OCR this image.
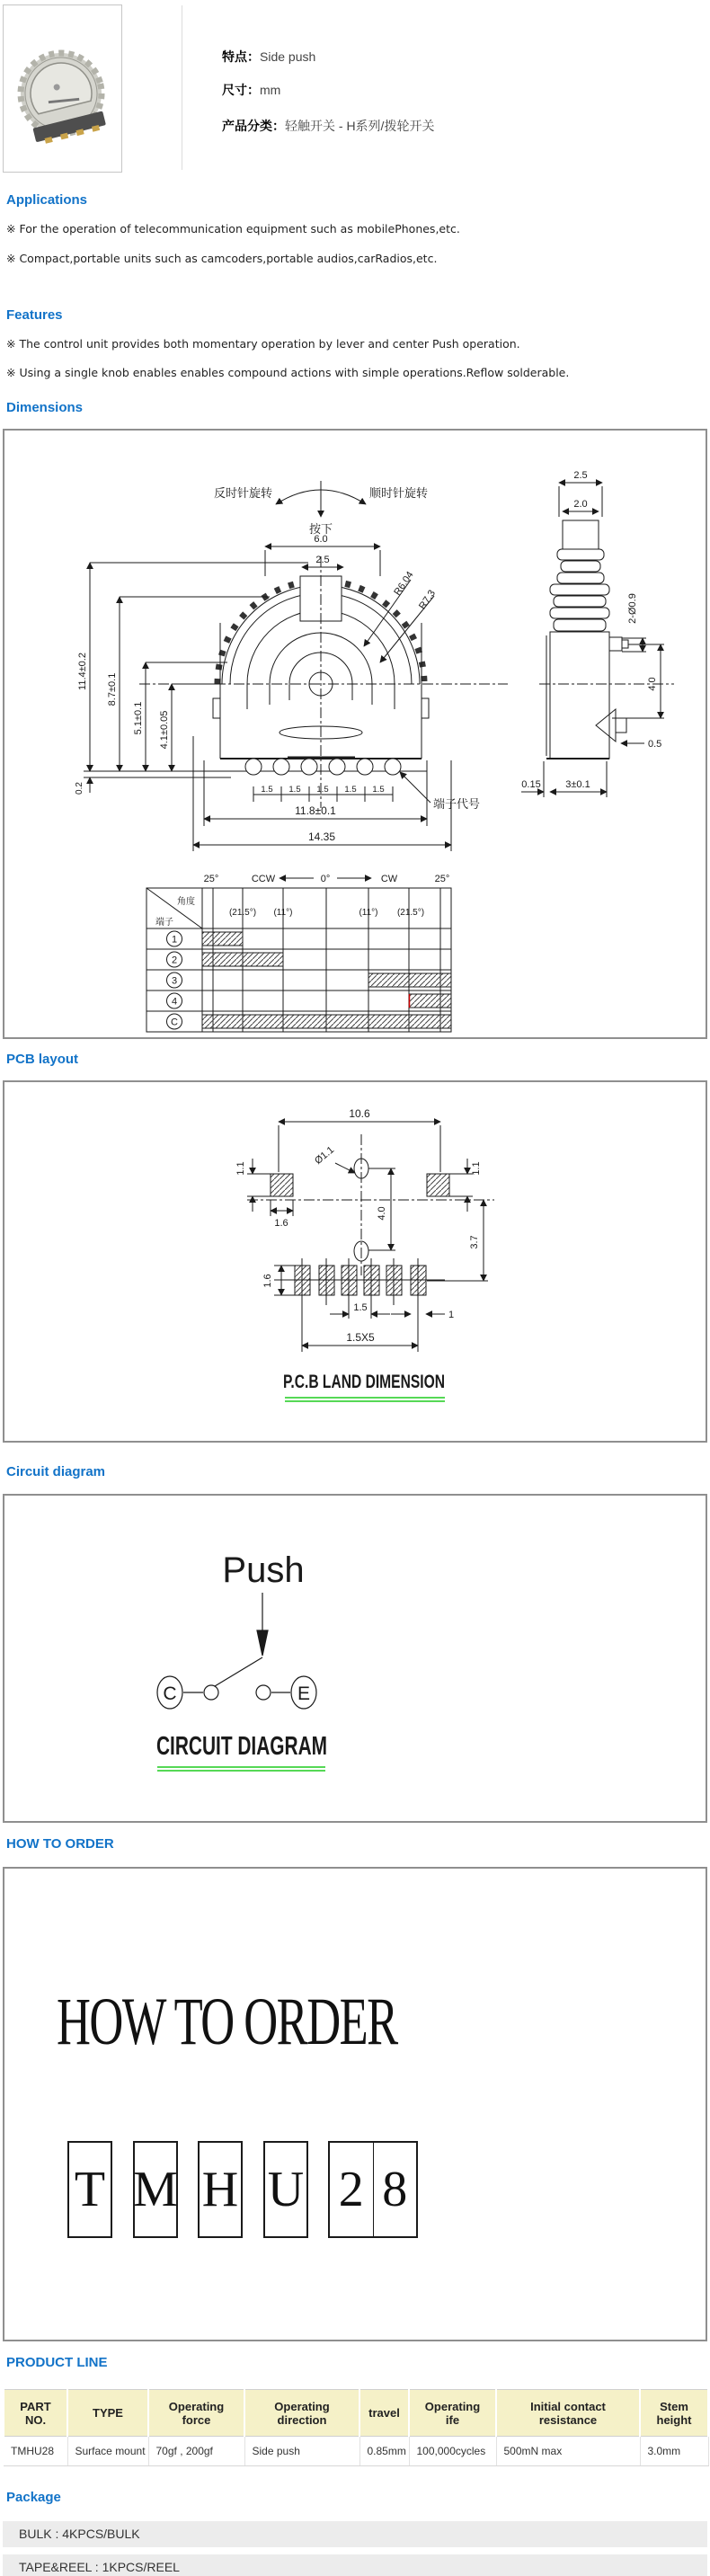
特点：Side push
尺寸：mm
产品分类：轻触开关 - H系列/拨轮开关
Applications
※ For the operation of telecommunication equipment such as mobilePhones,etc.
※ Compact,portable units such as camcoders,portable audios,carRadios,etc.
Features
※ The control unit provides both momentary operation by lever and center Push operation.
※ Using a single knob enables enables compound actions with simple operations.Reflow solderable.
Dimensions
反时针旋转	顺时针旋转
按下
6.0
2.5
R6.04
R7.3
11.4±0.2 8.7±0.1
5.1±0.1 4.1±0.05
0.2	1.5 1.5 1.5 1.5 1.5
11.8±0.1
14.35
端子代号
2.5
2.0
2-Ø0.9
4.0
0.5
0.15	3±0.1
角度
端子
25°	CCW	0°	CW	25°
(21.5°) (11°)	(11°) (21.5°)
1
2
3
4
C
PCB layout
10.6
1.1	1.1
Ø1.1
1.6
4.0
3.7
1.6
1.5
1
1.5X5
P.C.B LAND DIMENSION
Circuit diagram
Push
C	E
CIRCUIT DIAGRAM
HOW TO ORDER
HOW TO ORDER
T M H U 2 8
PRODUCT LINE
PART NO.	TYPE	Operating force	Operating direction	travel	Operating ife	Initial contact resistance	Stem height
TMHU28	Surface mount	70gf , 200gf	Side push	0.85mm	100,000cycles	500mN max	3.0mm
Package
BULK : 4KPCS/BULK
TAPE&REEL : 1KPCS/REEL
